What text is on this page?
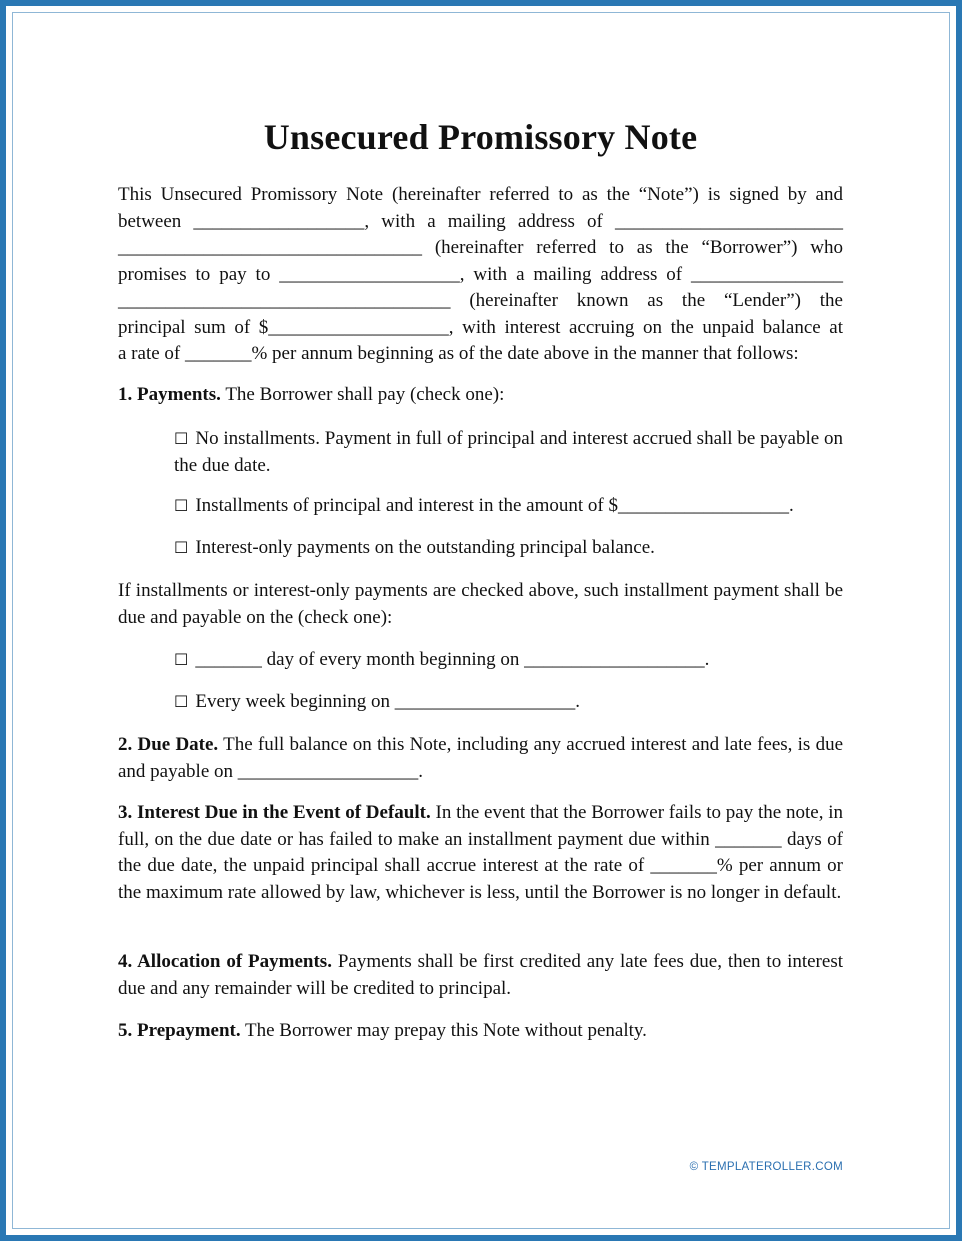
Unsecured Promissory Note
This Unsecured Promissory Note (hereinafter referred to as the “Note”) is signed by and
between __________________, with a mailing address of ________________________
________________________________ (hereinafter referred to as the “Borrower”) who
promises to pay to ___________________, with a mailing address of ________________
___________________________________ (hereinafter known as the “Lender”) the
principal sum of $___________________, with interest accruing on the unpaid balance at
a rate of _______% per annum beginning as of the date above in the manner that follows:
1. Payments. The Borrower shall pay (check one):
☐ No installments. Payment in full of principal and interest accrued shall be payable on the due date.
☐ Installments of principal and interest in the amount of $__________________.
☐ Interest-only payments on the outstanding principal balance.
If installments or interest-only payments are checked above, such installment payment shall be due and payable on the (check one):
☐ _______ day of every month beginning on ___________________.
☐ Every week beginning on ___________________.
2. Due Date. The full balance on this Note, including any accrued interest and late fees, is due and payable on ___________________.
3. Interest Due in the Event of Default. In the event that the Borrower fails to pay the note, in full, on the due date or has failed to make an installment payment due within _______ days of the due date, the unpaid principal shall accrue interest at the rate of _______% per annum or the maximum rate allowed by law, whichever is less, until the Borrower is no longer in default.
4. Allocation of Payments. Payments shall be first credited any late fees due, then to interest due and any remainder will be credited to principal.
5. Prepayment. The Borrower may prepay this Note without penalty.
© TEMPLATEROLLER.COM
